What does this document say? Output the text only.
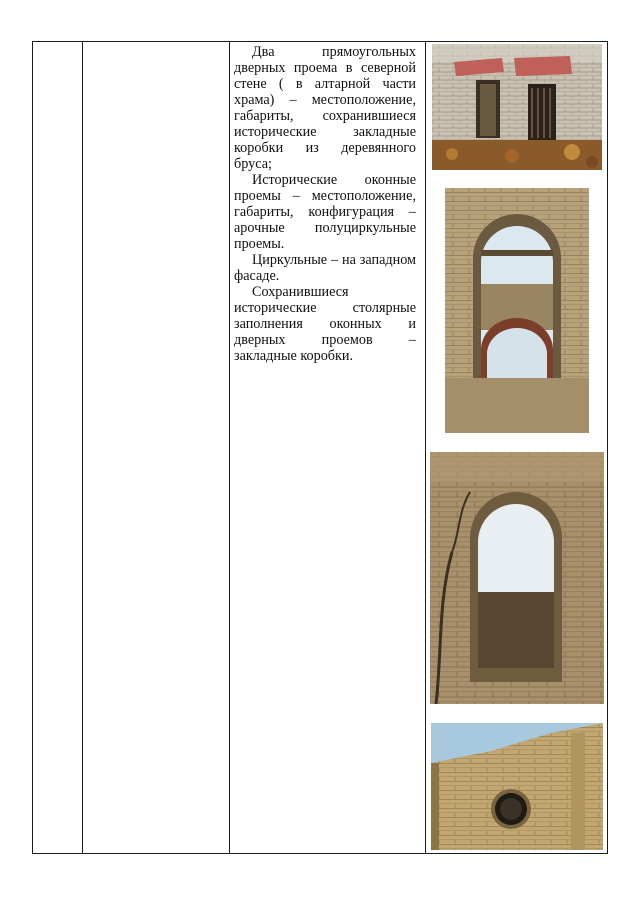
Два прямоугольных дверных проема в северной стене ( в алтарной части храма) – местоположение, габариты, сохранившиеся исторические закладные коробки из деревянного бруса;

Исторические оконные проемы – местоположение, габариты, конфигурация – арочные полуциркульные проемы.

Циркульные – на западном фасаде.

Сохранившиеся исторические столярные заполнения оконных и дверных проемов – закладные коробки.
